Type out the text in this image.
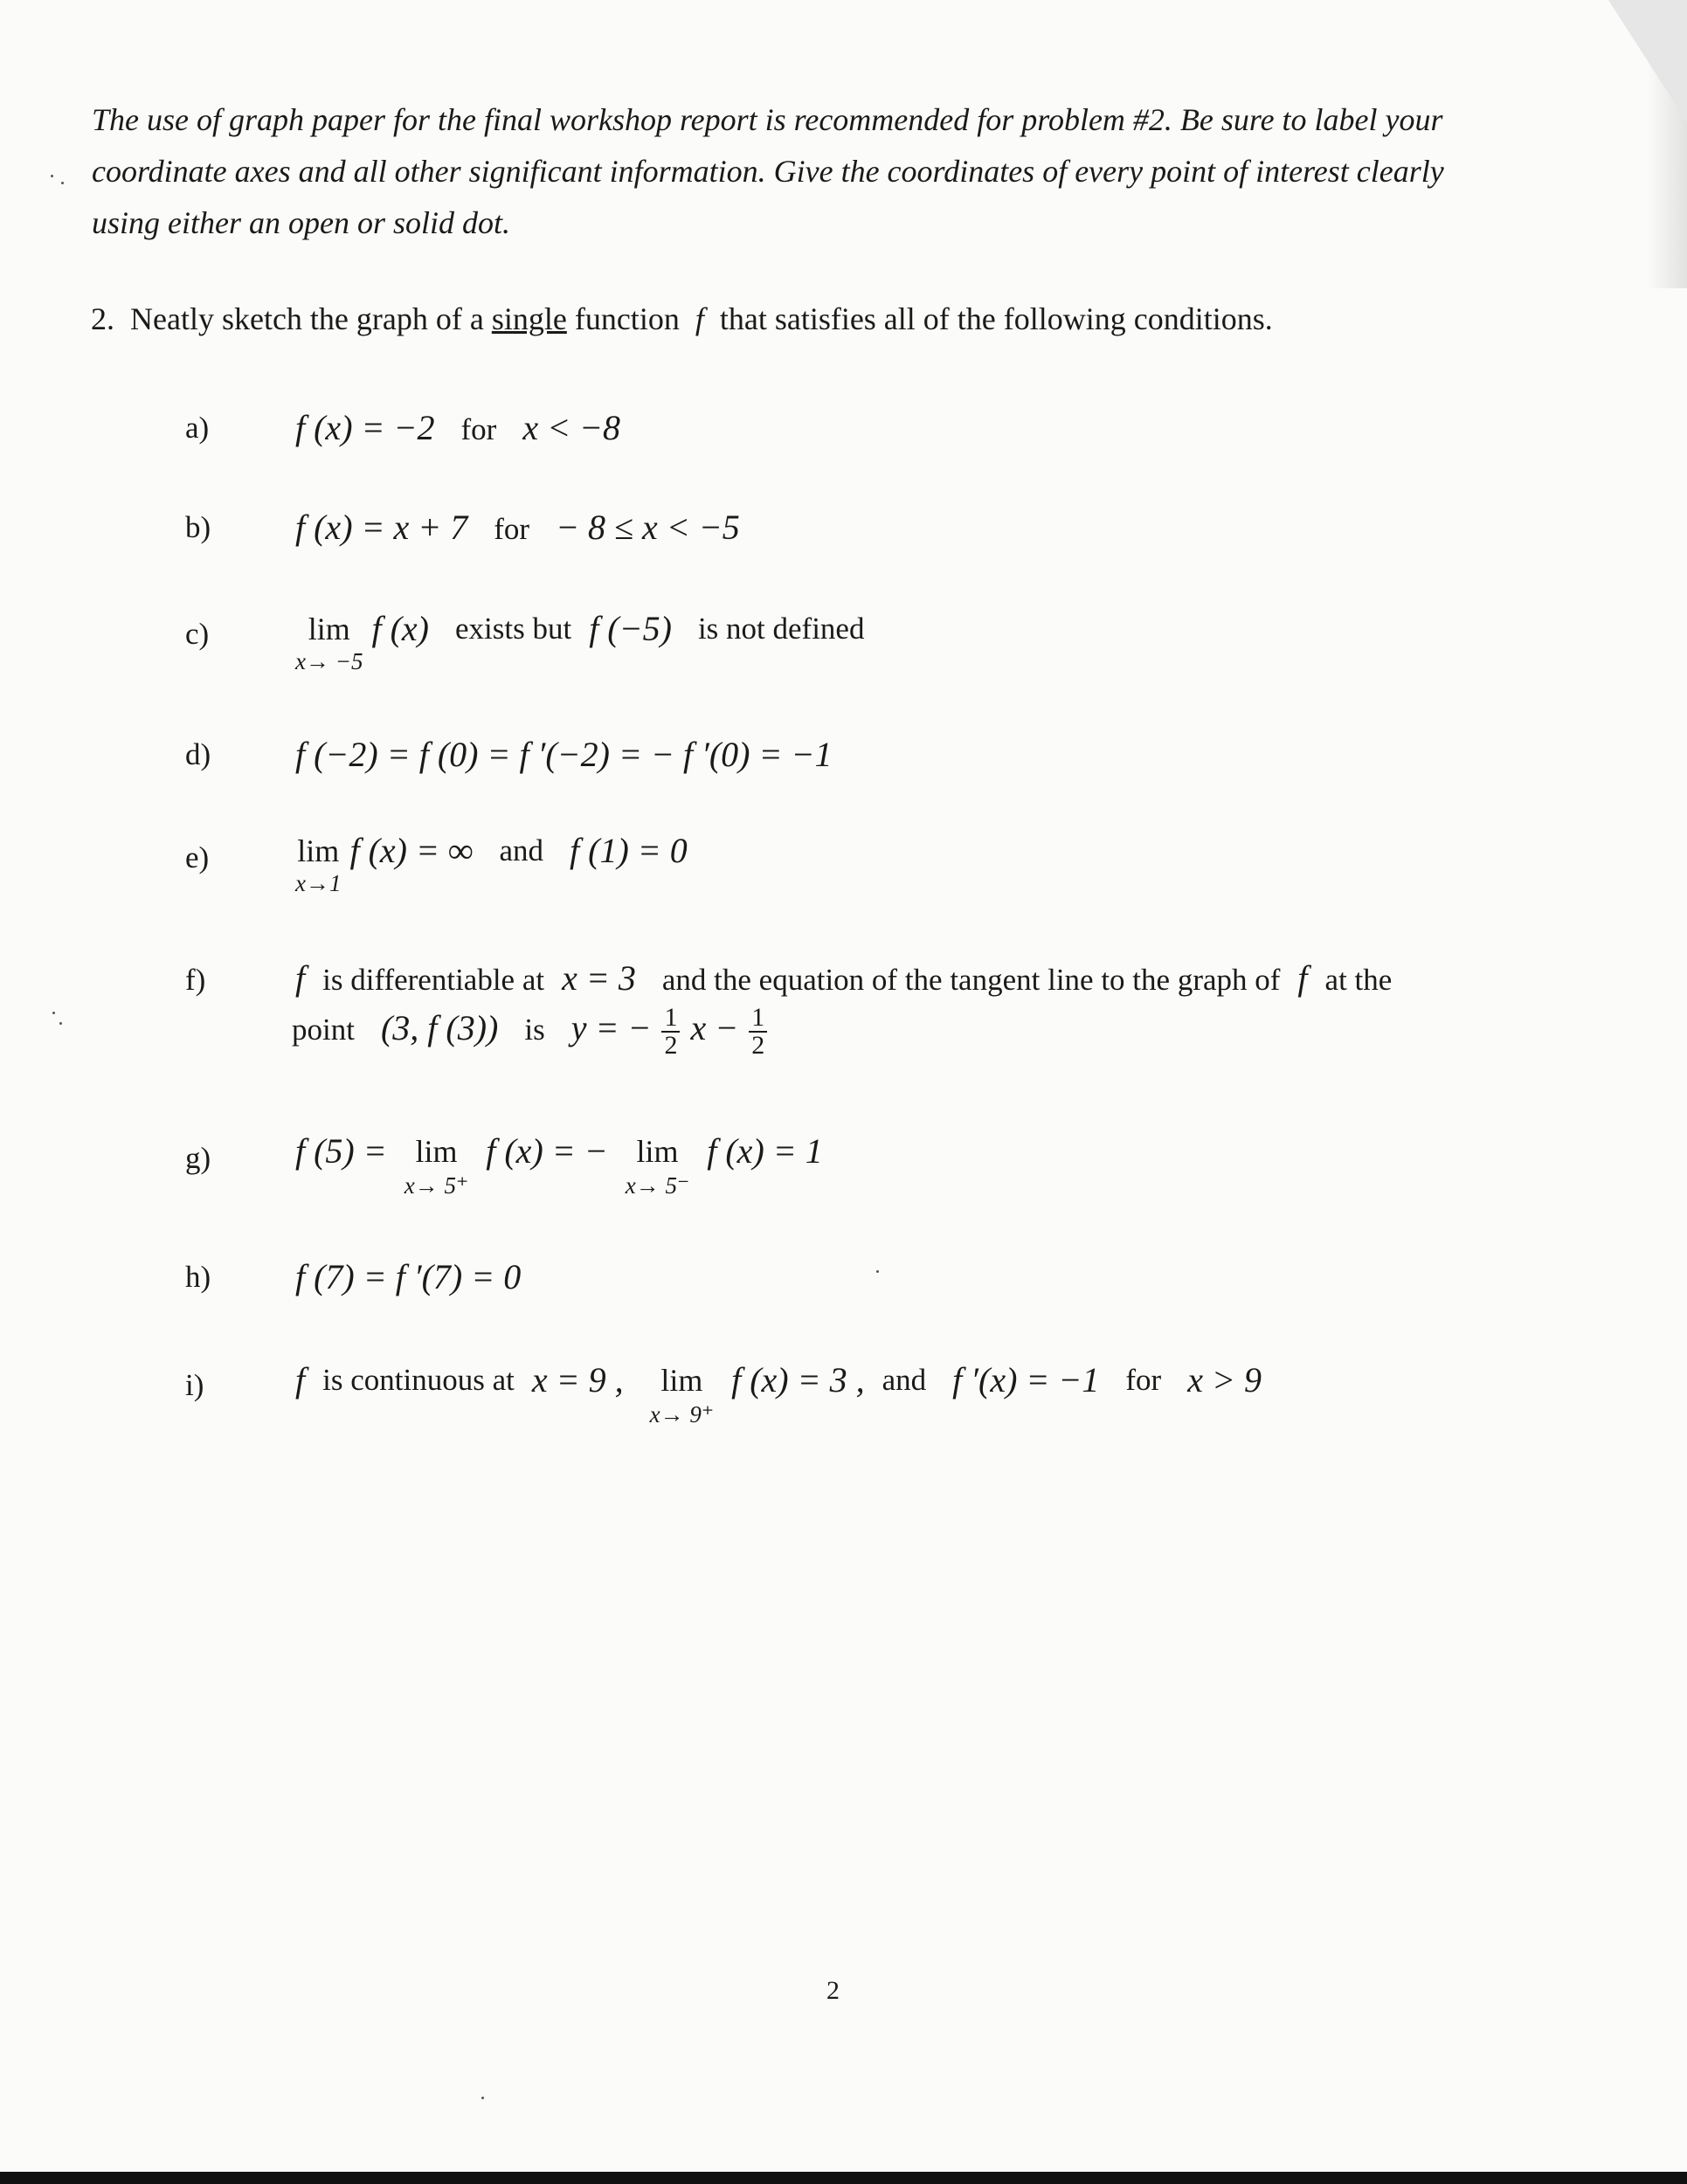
The use of graph paper for the final workshop report is recommended for problem #2. Be sure to label your
coordinate axes and all other significant information. Give the coordinates of every point of interest clearly
using either an open or solid dot.
2. Neatly sketch the graph of a single function f that satisfies all of the following conditions.
a) f (x) = −2 for x < −8
b) f (x) = x + 7 for − 8 ≤ x < −5
c)	lim
x→ −5
f (x) exists but f (−5) is not defined
d) f (−2) = f (0) = f ′(−2) = − f ′(0) = −1
e)	lim
x→1
f (x) = ∞ and f (1) = 0
f)	f is differentiable at x = 3 and the equation of the tangent line to the graph of f at the
point (3, f (3)) is y = − $\frac{1}{2}$ $x - \frac{1}{2}$
g) f (5) = lim
x→ 5⁺
f (x) = − lim
x→ 5⁻
f (x) = 1
h) f (7) = f ′(7) = 0
i)	f is continuous at x = 9 ,	lim
x→ 9⁺
f (x) = 3 , and f ′(x) = −1 for x > 9
2
